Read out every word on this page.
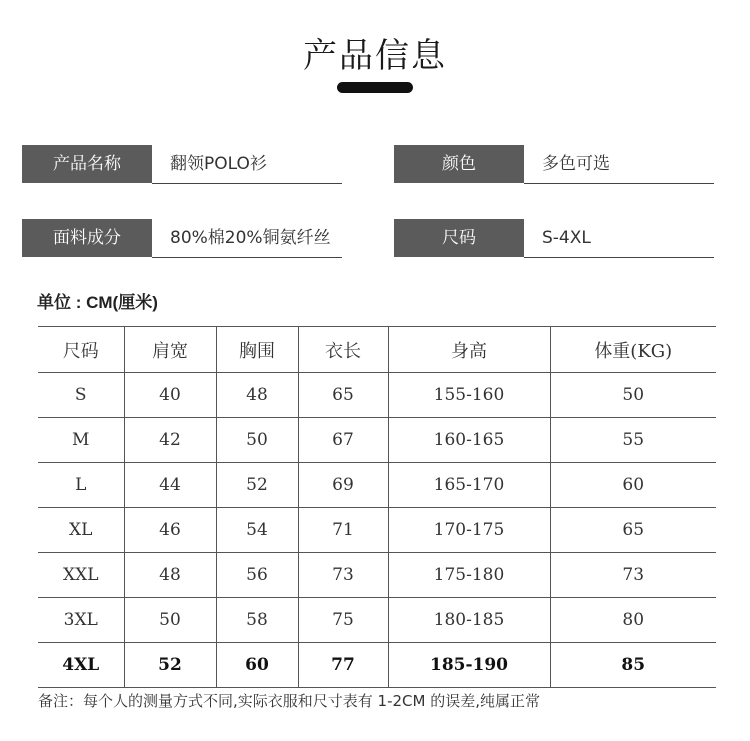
产品信息
产品名称	翻领POLO衫	颜色	多色可选
面料成分	80%棉20%铜氨纤丝	尺码	S-4XL
单位 : CM(厘米)
尺码	肩宽	胸围	衣长	身高	体重(KG)
S	40	48	65	155-160	50
M	42	50	67	160-165	55
L	44	52	69	165-170	60
XL	46	54	71	170-175	65
XXL	48	56	73	175-180	73
3XL	50	58	75	180-185	80
4XL	52	60	77	185-190	85
备注：每个人的测量方式不同,实际衣服和尺寸表有 1-2CM 的误差,纯属正常
